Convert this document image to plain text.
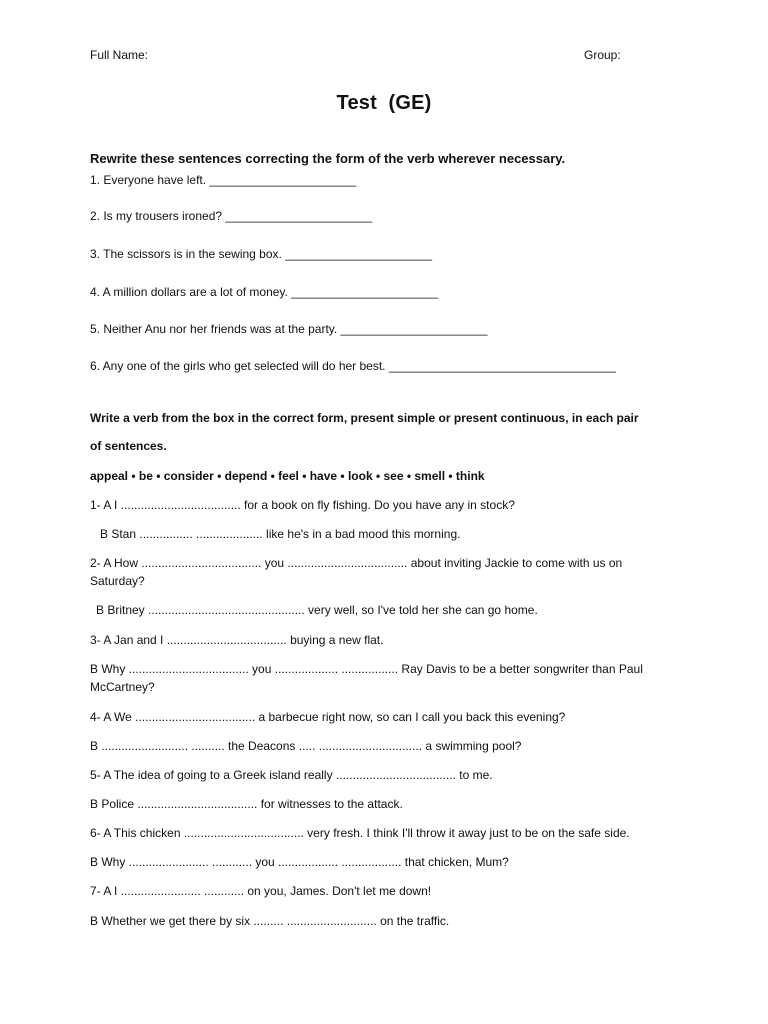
Full Name:	Group:
Test  (GE)
Rewrite these sentences correcting the form of the verb wherever necessary.
1. Everyone have left. ______________________
2. Is my trousers ironed? ______________________
3. The scissors is in the sewing box. ______________________
4. A million dollars are a lot of money. ______________________
5. Neither Anu nor her friends was at the party. ______________________
6. Any one of the girls who get selected will do her best. __________________________________
Write a verb from the box in the correct form, present simple or present continuous, in each pair
of sentences.
appeal • be • consider • depend • feel • have • look • see • smell • think
1- A I .................................... for a book on fly fishing. Do you have any in stock?
B Stan ................ .................... like he's in a bad mood this morning.
2- A How .................................... you .................................... about inviting Jackie to come with us on Saturday?
B Britney ............................................... very well, so I've told her she can go home.
3- A Jan and I .................................... buying a new flat.
B Why .................................... you ................... ................. Ray Davis to be a better songwriter than Paul McCartney?
4- A We .................................... a barbecue right now, so can I call you back this evening?
B .......................... .......... the Deacons ..... ............................... a swimming pool?
5- A The idea of going to a Greek island really .................................... to me.
B Police .................................... for witnesses to the attack.
6- A This chicken .................................... very fresh. I think I'll throw it away just to be on the safe side.
B Why ........................ ............ you .................. .................. that chicken, Mum?
7- A I ........................ ............ on you, James. Don't let me down!
B Whether we get there by six ......... ........................... on the traffic.
